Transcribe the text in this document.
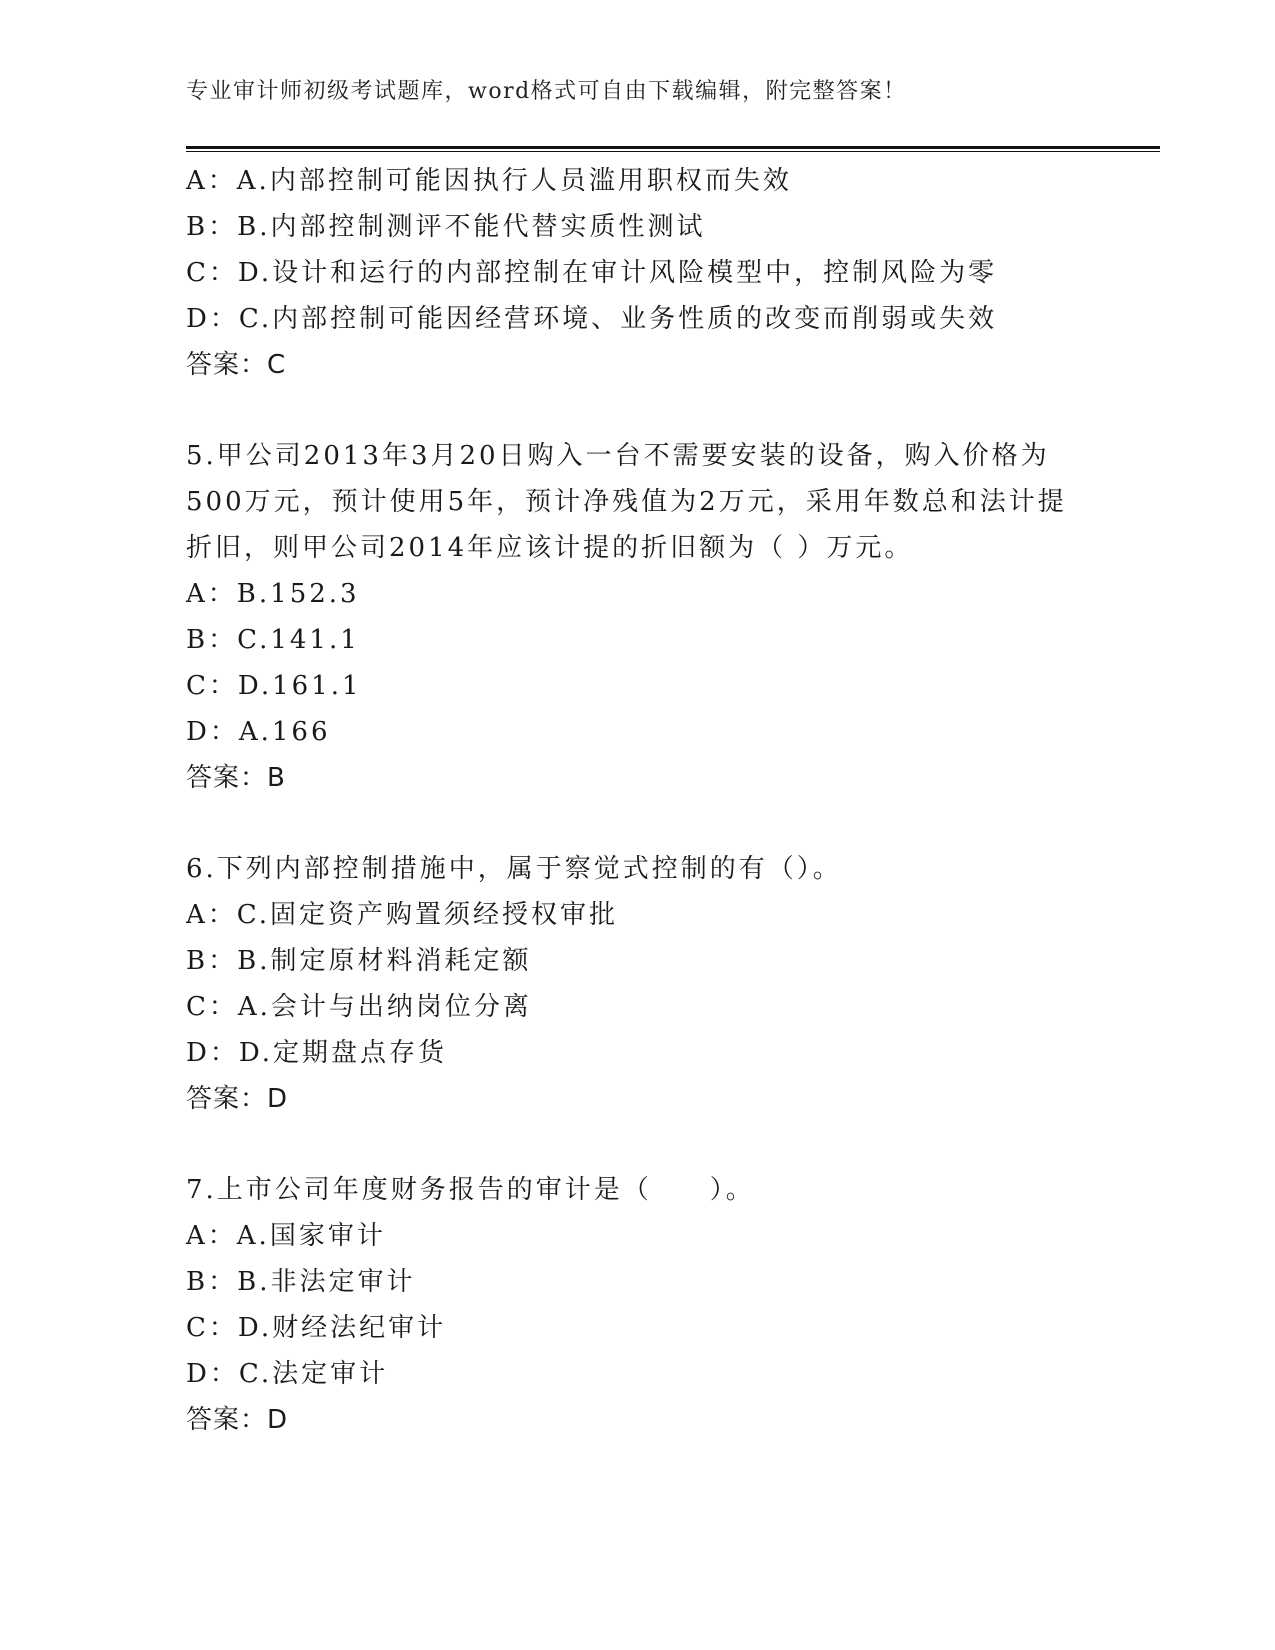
专业审计师初级考试题库，word格式可自由下载编辑，附完整答案！
A：A.内部控制可能因执行人员滥用职权而失效
B：B.内部控制测评不能代替实质性测试
C：D.设计和运行的内部控制在审计风险模型中，控制风险为零
D：C.内部控制可能因经营环境、业务性质的改变而削弱或失效
答案：C
5.甲公司2013年3月20日购入一台不需要安装的设备，购入价格为
500万元，预计使用5年，预计净残值为2万元，采用年数总和法计提
折旧，则甲公司2014年应该计提的折旧额为（ ）万元。
A：B.152.3
B：C.141.1
C：D.161.1
D：A.166
答案：B
6.下列内部控制措施中，属于察觉式控制的有（）。
A：C.固定资产购置须经授权审批
B：B.制定原材料消耗定额
C：A.会计与出纳岗位分离
D：D.定期盘点存货
答案：D
7.上市公司年度财务报告的审计是（　　）。
A：A.国家审计
B：B.非法定审计
C：D.财经法纪审计
D：C.法定审计
答案：D
